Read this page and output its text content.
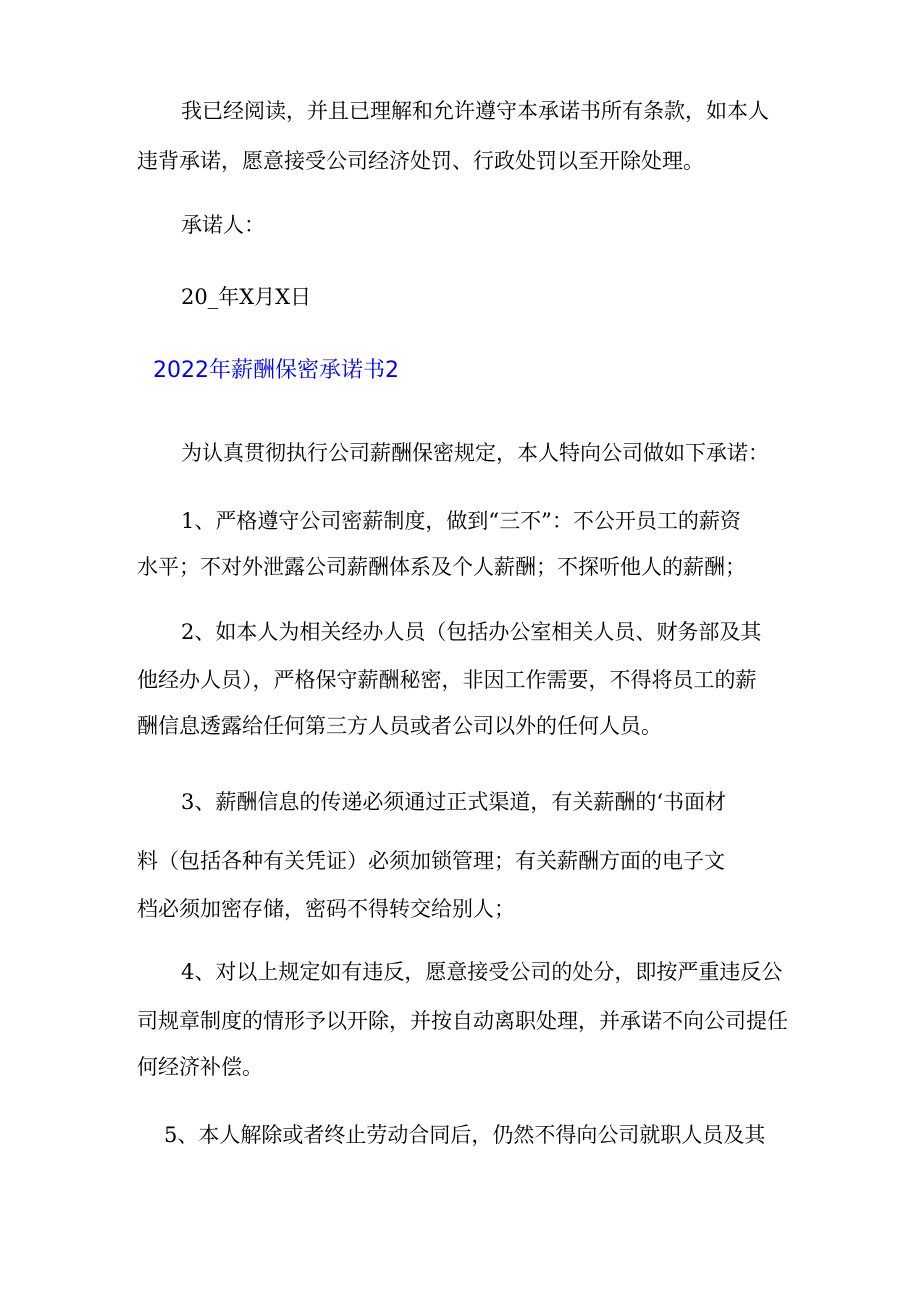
我已经阅读，并且已理解和允许遵守本承诺书所有条款，如本人
违背承诺，愿意接受公司经济处罚、行政处罚以至开除处理。
承诺人：
20_年X月X日
2022年薪酬保密承诺书2
为认真贯彻执行公司薪酬保密规定，本人特向公司做如下承诺：
1、严格遵守公司密薪制度，做到“三不”：不公开员工的薪资
水平；不对外泄露公司薪酬体系及个人薪酬；不探听他人的薪酬；
2、如本人为相关经办人员（包括办公室相关人员、财务部及其
他经办人员），严格保守薪酬秘密，非因工作需要，不得将员工的薪
酬信息透露给任何第三方人员或者公司以外的任何人员。
3、薪酬信息的传递必须通过正式渠道，有关薪酬的‘书面材
料（包括各种有关凭证）必须加锁管理；有关薪酬方面的电子文
档必须加密存储，密码不得转交给别人；
4、对以上规定如有违反，愿意接受公司的处分，即按严重违反公
司规章制度的情形予以开除，并按自动离职处理，并承诺不向公司提任
何经济补偿。
5、本人解除或者终止劳动合同后，仍然不得向公司就职人员及其
